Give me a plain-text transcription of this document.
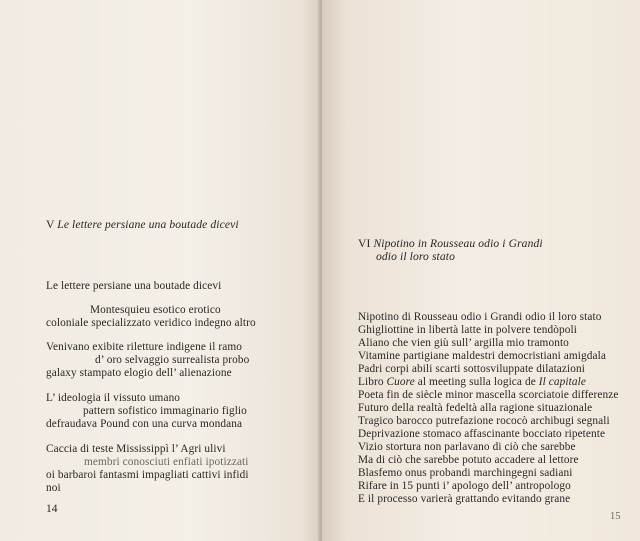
V Le lettere persiane una boutade dicevi
Le lettere persiane una boutade dicevi
Montesquieu esotico erotico
coloniale specializzato veridico indegno altro
Venivano exibite riletture indigene il ramo
d’ oro selvaggio surrealista probo
galaxy stampato elogio dell’ alienazione
L’ ideologia il vissuto umano
pattern sofistico immaginario figlio
defraudava Pound con una curva mondana
Caccia di teste Mississippì l’ Agri ulivi
membri conosciuti enfiati ipotizzati
oi barbaroi fantasmi impagliati cattivi infidi
noi
14
VI Nipotino in Rousseau odio i Grandi
odio il loro stato
Nipotino di Rousseau odio i Grandi odio il loro stato
Ghigliottine in libertà latte in polvere tendòpoli
Aliano che vien giù sull’ argilla mio tramonto
Vitamine partigiane maldestri democristiani amigdala
Padri corpi abili scarti sottosviluppate dilatazioni
Libro Cuore al meeting sulla logica de Il capitale
Poeta fin de siècle minor mascella scorciatoie differenze
Futuro della realtà fedeltà alla ragione situazionale
Tragico barocco putrefazione rococò archibugi segnali
Deprivazione stomaco affascinante bocciato ripetente
Vizio stortura non parlavano di ciò che sarebbe
Ma di ciò che sarebbe potuto accadere al lettore
Blasfemo onus probandi marchingegni sadiani
Rifare in 15 punti i’ apologo dell’ antropologo
E il processo varierà grattando evitando grane
15
